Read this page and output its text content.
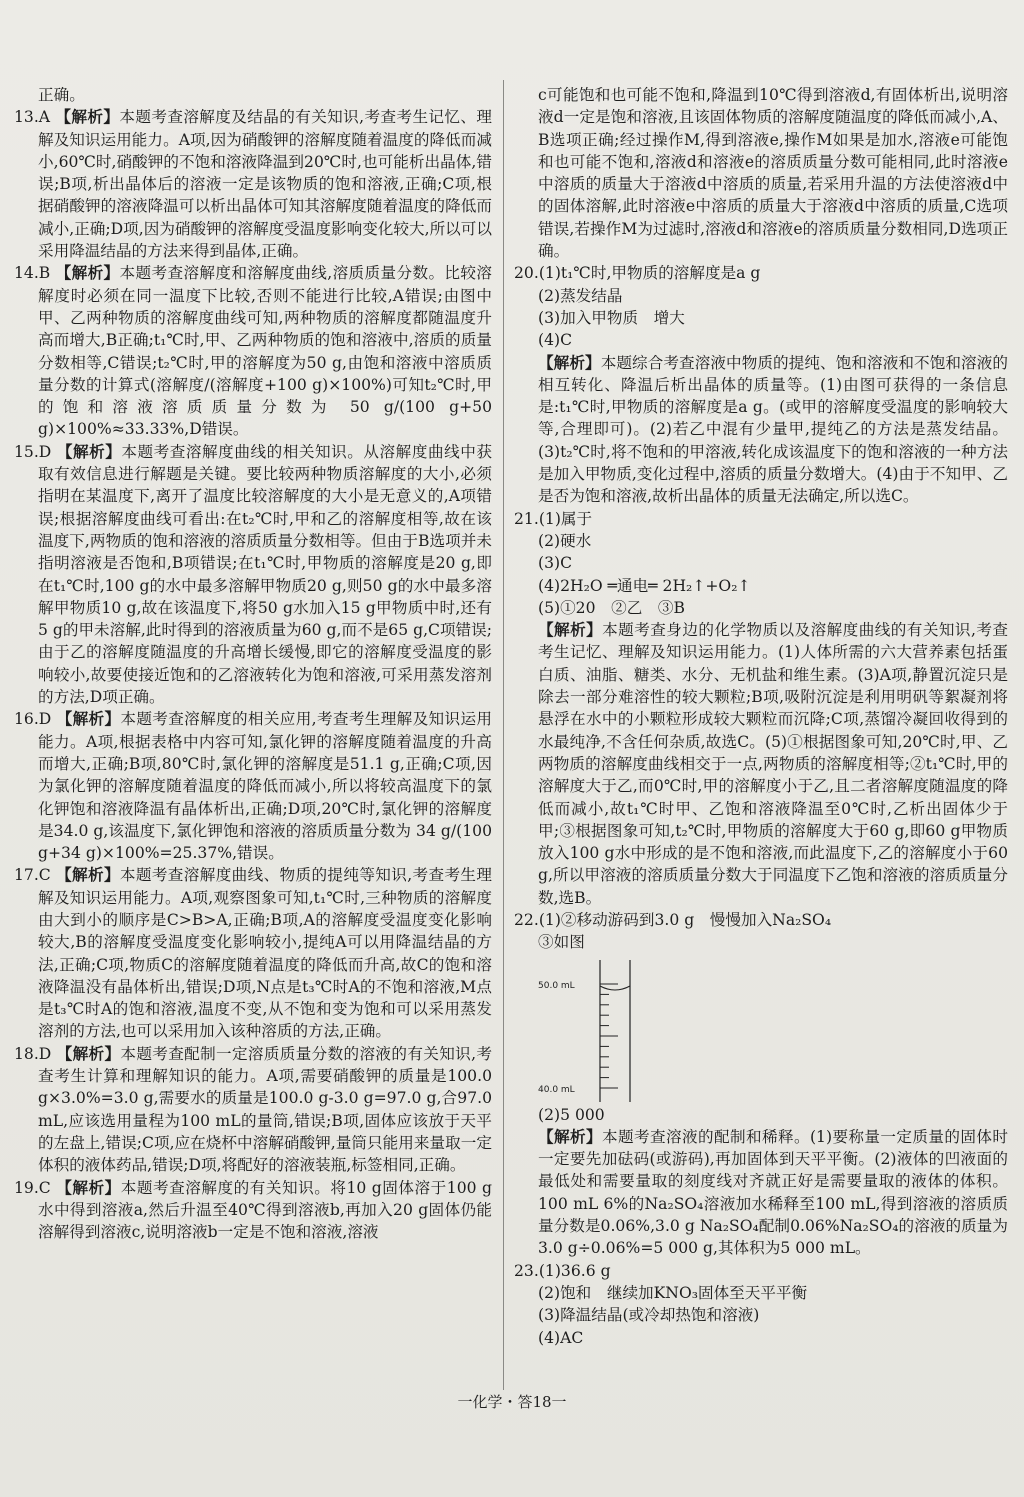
正确。

13.A 【解析】本题考查溶解度及结晶的有关知识,考查考生记忆、理解及知识运用能力。A项,因为硝酸钾的溶解度随着温度的降低而减小,60℃时,硝酸钾的不饱和溶液降温到20℃时,也可能析出晶体,错误;B项,析出晶体后的溶液一定是该物质的饱和溶液,正确;C项,根据硝酸钾的溶液降温可以析出晶体可知其溶解度随着温度的降低而减小,正确;D项,因为硝酸钾的溶解度受温度影响变化较大,所以可以采用降温结晶的方法来得到晶体,正确。

14.B 【解析】本题考查溶解度和溶解度曲线,溶质质量分数。比较溶解度时必须在同一温度下比较,否则不能进行比较,A错误;由图中甲、乙两种物质的溶解度曲线可知,两种物质的溶解度都随温度升高而增大,B正确;t₁℃时,甲、乙两种物质的饱和溶液中,溶质的质量分数相等,C错误;t₂℃时,甲的溶解度为50 g,由饱和溶液中溶质质量分数的计算式(溶解度/(溶解度+100 g)×100%)可知t₂℃时,甲的饱和溶液溶质质量分数为 50 g/(100 g+50 g)×100%≈33.33%,D错误。

15.D 【解析】本题考查溶解度曲线的相关知识。从溶解度曲线中获取有效信息进行解题是关键。要比较两种物质溶解度的大小,必须指明在某温度下,离开了温度比较溶解度的大小是无意义的,A项错误;根据溶解度曲线可看出:在t₂℃时,甲和乙的溶解度相等,故在该温度下,两物质的饱和溶液的溶质质量分数相等。但由于B选项并未指明溶液是否饱和,B项错误;在t₁℃时,甲物质的溶解度是20 g,即在t₁℃时,100 g的水中最多溶解甲物质20 g,则50 g的水中最多溶解甲物质10 g,故在该温度下,将50 g水加入15 g甲物质中时,还有5 g的甲未溶解,此时得到的溶液质量为60 g,而不是65 g,C项错误;由于乙的溶解度随温度的升高增长缓慢,即它的溶解度受温度的影响较小,故要使接近饱和的乙溶液转化为饱和溶液,可采用蒸发溶剂的方法,D项正确。

16.D 【解析】本题考查溶解度的相关应用,考查考生理解及知识运用能力。A项,根据表格中内容可知,氯化钾的溶解度随着温度的升高而增大,正确;B项,80℃时,氯化钾的溶解度是51.1 g,正确;C项,因为氯化钾的溶解度随着温度的降低而减小,所以将较高温度下的氯化钾饱和溶液降温有晶体析出,正确;D项,20℃时,氯化钾的溶解度是34.0 g,该温度下,氯化钾饱和溶液的溶质质量分数为 34 g/(100 g+34 g)×100%=25.37%,错误。

17.C 【解析】本题考查溶解度曲线、物质的提纯等知识,考查考生理解及知识运用能力。A项,观察图象可知,t₁℃时,三种物质的溶解度由大到小的顺序是C>B>A,正确;B项,A的溶解度受温度变化影响较大,B的溶解度受温度变化影响较小,提纯A可以用降温结晶的方法,正确;C项,物质C的溶解度随着温度的降低而升高,故C的饱和溶液降温没有晶体析出,错误;D项,N点是t₃℃时A的不饱和溶液,M点是t₃℃时A的饱和溶液,温度不变,从不饱和变为饱和可以采用蒸发溶剂的方法,也可以采用加入该种溶质的方法,正确。

18.D 【解析】本题考查配制一定溶质质量分数的溶液的有关知识,考查考生计算和理解知识的能力。A项,需要硝酸钾的质量是100.0 g×3.0%=3.0 g,需要水的质量是100.0 g-3.0 g=97.0 g,合97.0 mL,应该选用量程为100 mL的量筒,错误;B项,固体应该放于天平的左盘上,错误;C项,应在烧杯中溶解硝酸钾,量筒只能用来量取一定体积的液体药品,错误;D项,将配好的溶液装瓶,标签相同,正确。

19.C 【解析】本题考查溶解度的有关知识。将10 g固体溶于100 g水中得到溶液a,然后升温至40℃得到溶液b,再加入20 g固体仍能溶解得到溶液c,说明溶液b一定是不饱和溶液,溶液

c可能饱和也可能不饱和,降温到10℃得到溶液d,有固体析出,说明溶液d一定是饱和溶液,且该固体物质的溶解度随温度的降低而减小,A、B选项正确;经过操作M,得到溶液e,操作M如果是加水,溶液e可能饱和也可能不饱和,溶液d和溶液e的溶质质量分数可能相同,此时溶液e中溶质的质量大于溶液d中溶质的质量,若采用升温的方法使溶液d中的固体溶解,此时溶液e中溶质的质量大于溶液d中溶质的质量,C选项错误,若操作M为过滤时,溶液d和溶液e的溶质质量分数相同,D选项正确。

20.(1)t₁℃时,甲物质的溶解度是a g

(2)蒸发结晶

(3)加入甲物质　增大

(4)C

【解析】本题综合考查溶液中物质的提纯、饱和溶液和不饱和溶液的相互转化、降温后析出晶体的质量等。(1)由图可获得的一条信息是:t₁℃时,甲物质的溶解度是a g。(或甲的溶解度受温度的影响较大等,合理即可)。(2)若乙中混有少量甲,提纯乙的方法是蒸发结晶。(3)t₂℃时,将不饱和的甲溶液,转化成该温度下的饱和溶液的一种方法是加入甲物质,变化过程中,溶质的质量分数增大。(4)由于不知甲、乙是否为饱和溶液,故析出晶体的质量无法确定,所以选C。

21.(1)属于

(2)硬水

(3)C

(4)2H₂O ═通电═ 2H₂↑+O₂↑

(5)①20　②乙　③B

【解析】本题考查身边的化学物质以及溶解度曲线的有关知识,考查考生记忆、理解及知识运用能力。(1)人体所需的六大营养素包括蛋白质、油脂、糖类、水分、无机盐和维生素。(3)A项,静置沉淀只是除去一部分难溶性的较大颗粒;B项,吸附沉淀是利用明矾等絮凝剂将悬浮在水中的小颗粒形成较大颗粒而沉降;C项,蒸馏冷凝回收得到的水最纯净,不含任何杂质,故选C。(5)①根据图象可知,20℃时,甲、乙两物质的溶解度曲线相交于一点,两物质的溶解度相等;②t₁℃时,甲的溶解度大于乙,而0℃时,甲的溶解度小于乙,且二者溶解度随温度的降低而减小,故t₁℃时甲、乙饱和溶液降温至0℃时,乙析出固体少于甲;③根据图象可知,t₂℃时,甲物质的溶解度大于60 g,即60 g甲物质放入100 g水中形成的是不饱和溶液,而此温度下,乙的溶解度小于60 g,所以甲溶液的溶质质量分数大于同温度下乙饱和溶液的溶质质量分数,选B。

22.(1)②移动游码到3.0 g　慢慢加入Na₂SO₄

③如图

50.0 mL
40.0 mL

(2)5 000

【解析】本题考查溶液的配制和稀释。(1)要称量一定质量的固体时一定要先加砝码(或游码),再加固体到天平平衡。(2)液体的凹液面的最低处和需要量取的刻度线对齐就正好是需要量取的液体的体积。100 mL 6%的Na₂SO₄溶液加水稀释至100 mL,得到溶液的溶质质量分数是0.06%,3.0 g Na₂SO₄配制0.06%Na₂SO₄的溶液的质量为3.0 g÷0.06%=5 000 g,其体积为5 000 mL。

23.(1)36.6 g

(2)饱和　继续加KNO₃固体至天平平衡

(3)降温结晶(或冷却热饱和溶液)

(4)AC

一化学・答18一
